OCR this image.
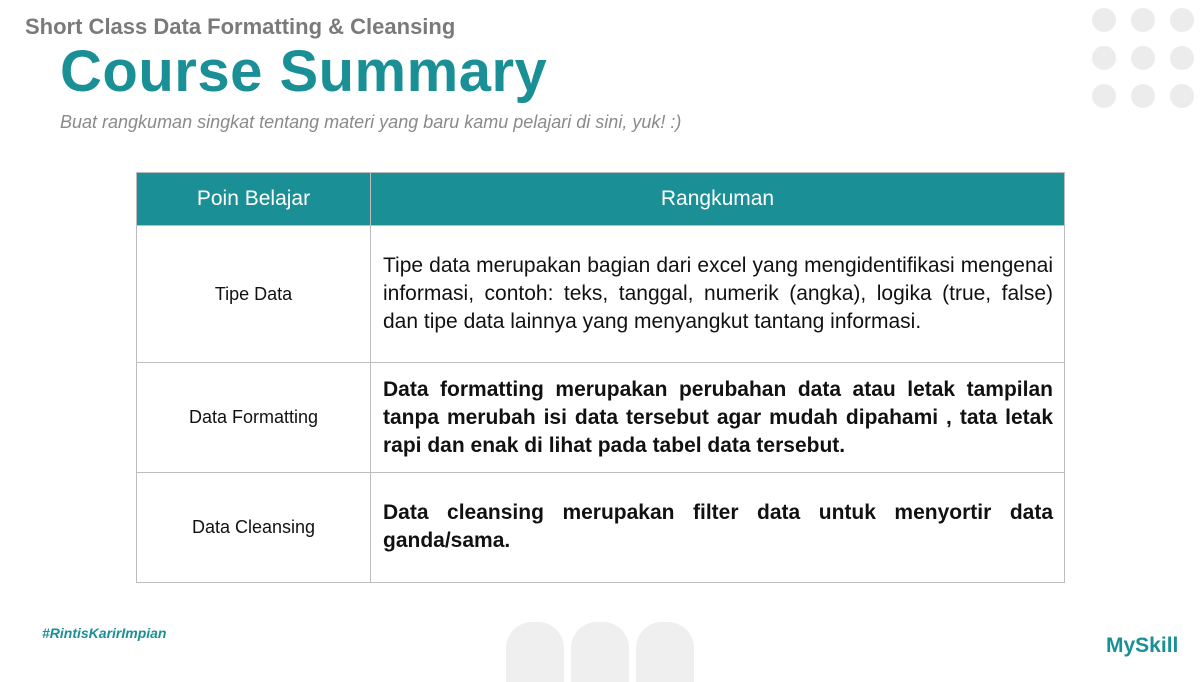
Short Class Data Formatting & Cleansing
Course Summary
Buat rangkuman singkat tentang materi yang baru kamu pelajari di sini, yuk! :)
Poin Belajar	Rangkuman
Tipe Data	Tipe data merupakan bagian dari excel yang mengidentifikasi mengenai informasi, contoh: teks, tanggal, numerik (angka), logika (true, false) dan tipe data lainnya yang menyangkut tantang informasi.
Data Formatting	Data formatting merupakan perubahan data atau letak tampilan tanpa merubah isi data tersebut agar mudah dipahami , tata letak rapi dan enak di lihat pada tabel data tersebut.
Data Cleansing	Data cleansing merupakan filter data untuk menyortir data ganda/sama.
#RintisKarirImpian
MySkill
